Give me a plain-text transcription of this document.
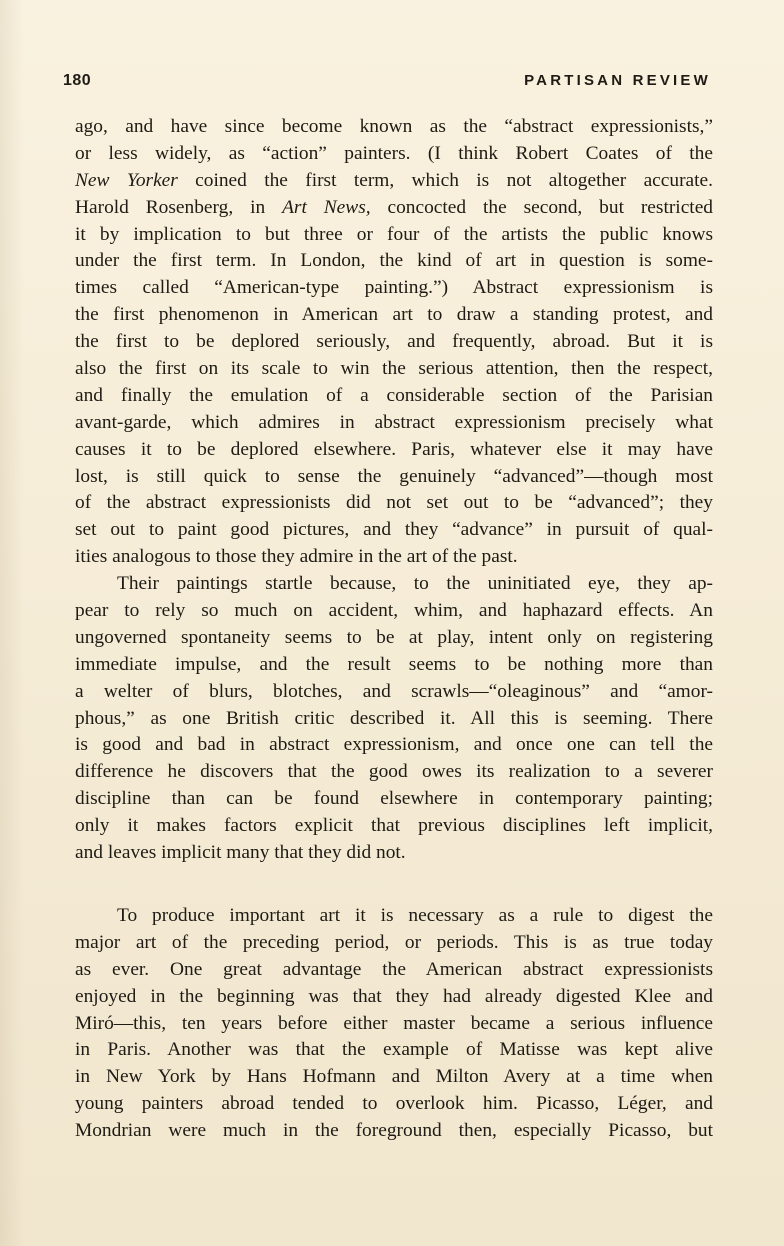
180	PARTISAN REVIEW
ago, and have since become known as the “abstract expressionists,”
or less widely, as “action” painters. (I think Robert Coates of the
New Yorker coined the first term, which is not altogether accurate.
Harold Rosenberg, in Art News, concocted the second, but restricted
it by implication to but three or four of the artists the public knows
under the first term. In London, the kind of art in question is some-
times called “American-type painting.”) Abstract expressionism is
the first phenomenon in American art to draw a standing protest, and
the first to be deplored seriously, and frequently, abroad. But it is
also the first on its scale to win the serious attention, then the respect,
and finally the emulation of a considerable section of the Parisian
avant-garde, which admires in abstract expressionism precisely what
causes it to be deplored elsewhere. Paris, whatever else it may have
lost, is still quick to sense the genuinely “advanced”—though most
of the abstract expressionists did not set out to be “advanced”; they
set out to paint good pictures, and they “advance” in pursuit of qual-
ities analogous to those they admire in the art of the past.
Their paintings startle because, to the uninitiated eye, they ap-
pear to rely so much on accident, whim, and haphazard effects. An
ungoverned spontaneity seems to be at play, intent only on registering
immediate impulse, and the result seems to be nothing more than
a welter of blurs, blotches, and scrawls—“oleaginous” and “amor-
phous,” as one British critic described it. All this is seeming. There
is good and bad in abstract expressionism, and once one can tell the
difference he discovers that the good owes its realization to a severer
discipline than can be found elsewhere in contemporary painting;
only it makes factors explicit that previous disciplines left implicit,
and leaves implicit many that they did not.
To produce important art it is necessary as a rule to digest the
major art of the preceding period, or periods. This is as true today
as ever. One great advantage the American abstract expressionists
enjoyed in the beginning was that they had already digested Klee and
Miró—this, ten years before either master became a serious influence
in Paris. Another was that the example of Matisse was kept alive
in New York by Hans Hofmann and Milton Avery at a time when
young painters abroad tended to overlook him. Picasso, Léger, and
Mondrian were much in the foreground then, especially Picasso, but
